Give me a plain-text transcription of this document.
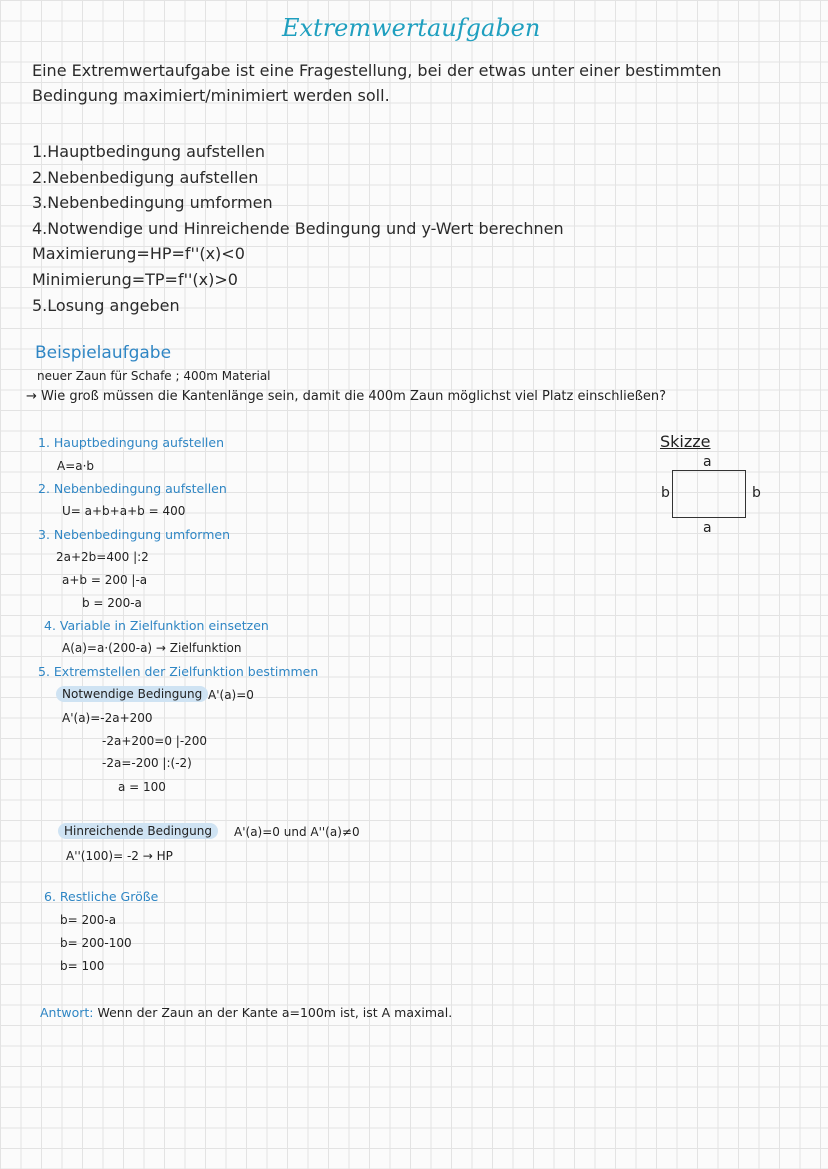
Extremwertaufgaben
Eine Extremwertaufgabe ist eine Fragestellung, bei der etwas unter einer bestimmten Bedingung maximiert/minimiert werden soll.
1.Hauptbedingung aufstellen
2.Nebenbedigung aufstellen
3.Nebenbedingung umformen
4.Notwendige und Hinreichende Bedingung und y-Wert berechnen
Maximierung=HP=f''(x)<0
Minimierung=TP=f''(x)>0
5.Losung angeben
Beispielaufgabe
neuer Zaun für Schafe ; 400m Material
→ Wie groß müssen die Kantenlänge sein, damit die 400m Zaun möglichst viel Platz einschließen?
Skizze
a
b	b
a
1. Hauptbedingung aufstellen
A=a·b
2. Nebenbedingung aufstellen
U= a+b+a+b = 400
3. Nebenbedingung umformen
2a+2b=400 |:2
a+b = 200 |-a
b = 200-a
4. Variable in Zielfunktion einsetzen
A(a)=a·(200-a) → Zielfunktion
5. Extremstellen der Zielfunktion bestimmen
Notwendige Bedingung A'(a)=0
A'(a)=-2a+200
-2a+200=0 |-200
-2a=-200 |:(-2)
a = 100
Hinreichende Bedingung	A'(a)=0 und A''(a)≠0
A''(100)= -2 → HP
6. Restliche Größe
b= 200-a
b= 200-100
b= 100
Antwort: Wenn der Zaun an der Kante a=100m ist, ist A maximal.
